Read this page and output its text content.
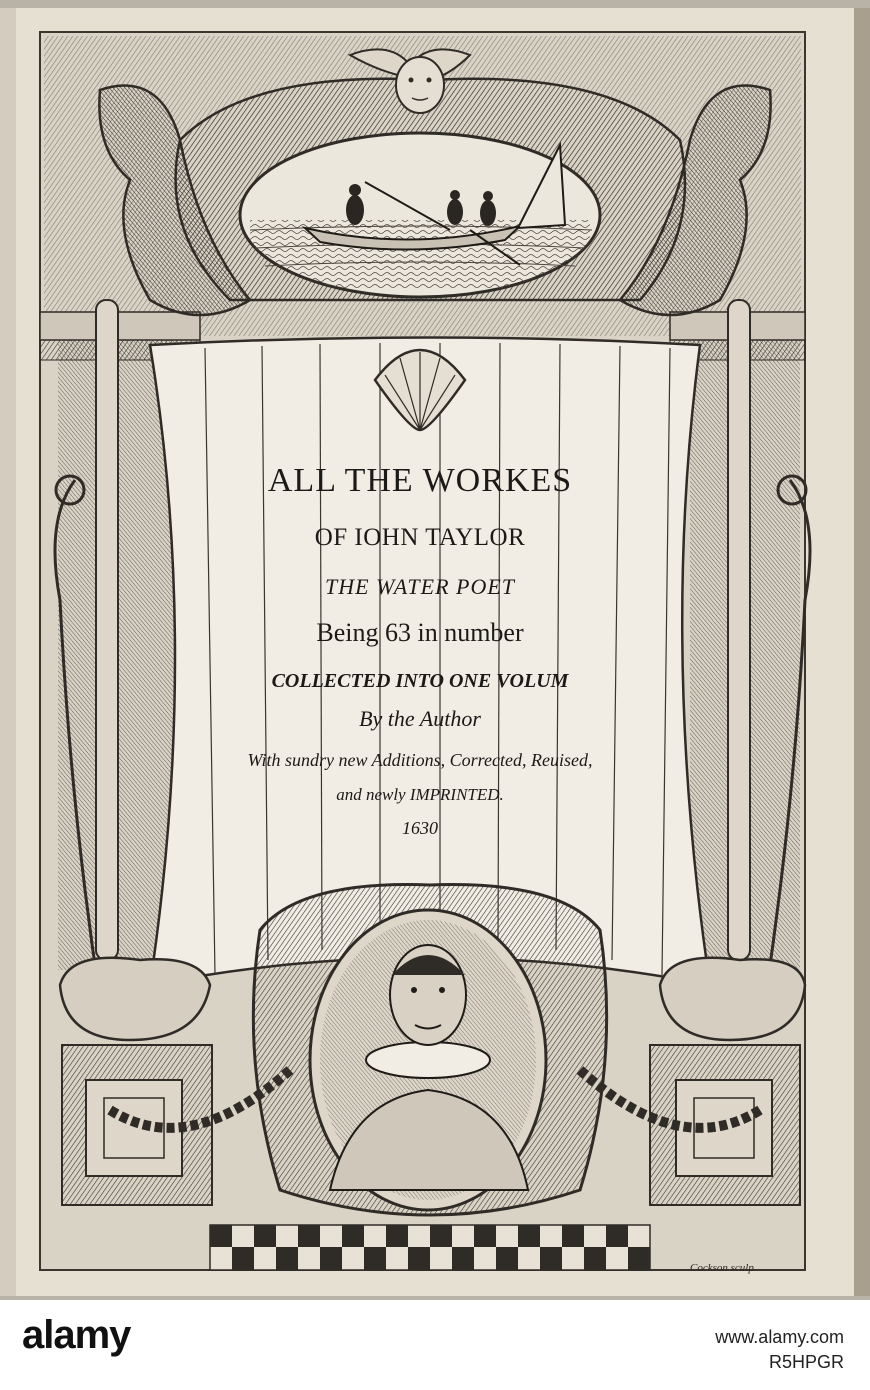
ALL THE WORKES
OF IOHN TAYLOR
THE WATER POET
Being 63 in number
COLLECTED INTO ONE VOLUM
By the Author
With sundry new Additions, Corrected, Reuised,
and newly IMPRINTED.
1630
Cockson sculp
alamy	www.alamy.com
R5HPGR
